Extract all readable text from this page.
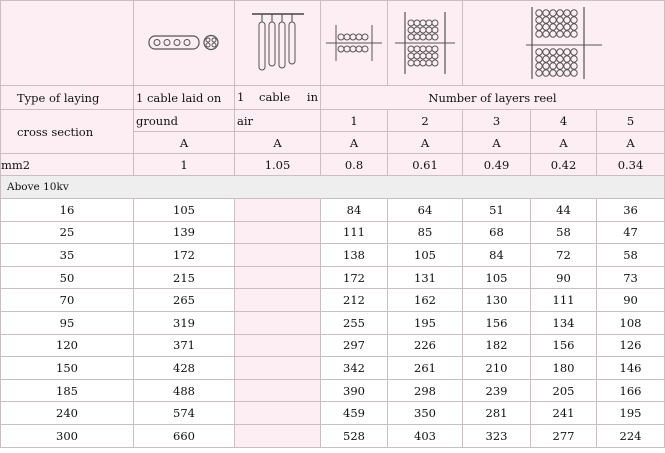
Type of laying	1 cable laid on	1 cable in	Number of layers reel				
cross section	ground	air	1	2	3	4	5
	A	A	A	A	A	A	A
mm2	1	1.05	0.8	0.61	0.49	0.42	0.34
Above 10kv							
16	105		84	64	51	44	36
25	139		111	85	68	58	47
35	172		138	105	84	72	58
50	215		172	131	105	90	73
70	265		212	162	130	111	90
95	319		255	195	156	134	108
120	371		297	226	182	156	126
150	428		342	261	210	180	146
185	488		390	298	239	205	166
240	574		459	350	281	241	195
300	660		528	403	323	277	224
